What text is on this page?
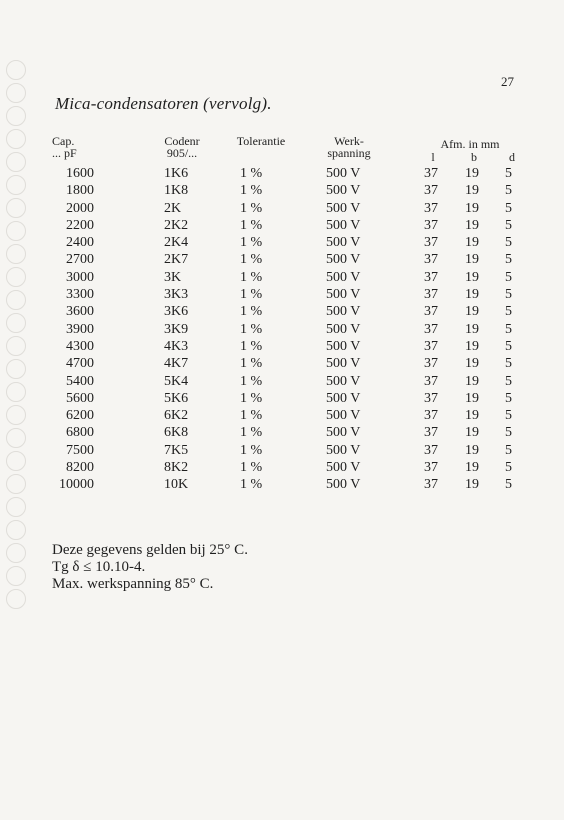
27
Mica-condensatoren (vervolg).
Cap.
... pF
Codenr
905/...
Tolerantie	Werk-
spanning
Afm. in mm
l	b	d
1600	1K6	1 %	500 V	37 19 5
1800	1K8	1 %	500 V	37 19 5
2000	2K	1 %	500 V	37 19 5
2200	2K2	1 %	500 V	37 19 5
2400	2K4	1 %	500 V	37 19 5
2700	2K7	1 %	500 V	37 19 5
3000	3K	1 %	500 V	37 19 5
3300	3K3	1 %	500 V	37 19 5
3600	3K6	1 %	500 V	37 19 5
3900	3K9	1 %	500 V	37 19 5
4300	4K3	1 %	500 V	37 19 5
4700	4K7	1 %	500 V	37 19 5
5400	5K4	1 %	500 V	37 19 5
5600	5K6	1 %	500 V	37 19 5
6200	6K2	1 %	500 V	37 19 5
6800	6K8	1 %	500 V	37 19 5
7500	7K5	1 %	500 V	37 19 5
8200	8K2	1 %	500 V	37 19 5
10000	10K	1 %	500 V	37 19 5
Deze gegevens gelden bij 25° C.
Tg δ ≤ 10.10-4.
Max. werkspanning 85° C.
